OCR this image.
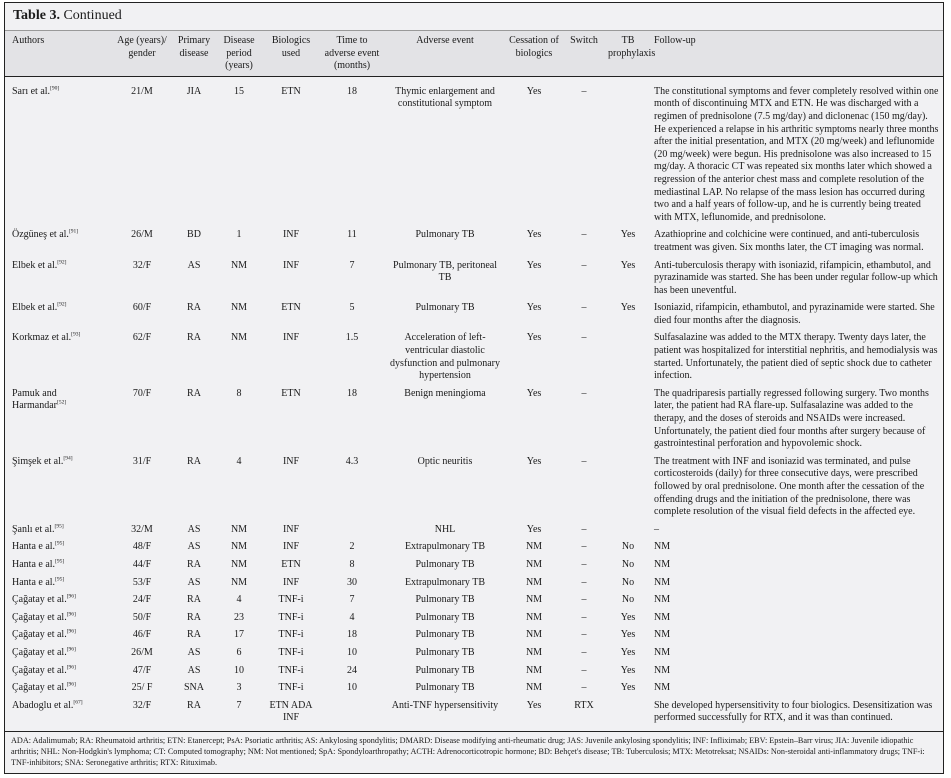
Table 3. Continued
Authors	Age (years)/ gender	Primary disease	Disease period (years)	Biologics used	Time to adverse event (months)	Adverse event	Cessation of biologics	Switch	TB prophylaxis	Follow-up
Sarı et al.[90]	21/M	JIA	15	ETN	18	Thymic enlargement and constitutional symptom	Yes	–		The constitutional symptoms and fever completely resolved within one month of discontinuing MTX and ETN. He was discharged with a regimen of prednisolone (7.5 mg/day) and diclonenac (150 mg/day). He experienced a relapse in his arthritic symptoms nearly three months after the initial presentation, and MTX (20 mg/week) and leflunomide (20 mg/week) were begun. His prednisolone was also increased to 15 mg/day. A thoracic CT was repeated six months later which showed a regression of the anterior chest mass and complete resolution of the mediastinal LAP. No relapse of the mass lesion has occurred during two and a half years of follow-up, and he is currently being treated with MTX, leflunomide, and prednisolone.
Özgüneş et al.[91]	26/M	BD	1	INF	11	Pulmonary TB	Yes	–	Yes	Azathioprine and colchicine were continued, and anti-tuberculosis treatment was given. Six months later, the CT imaging was normal.
Elbek et al.[92]	32/F	AS	NM	INF	7	Pulmonary TB, peritoneal TB	Yes	–	Yes	Anti-tuberculosis therapy with isoniazid, rifampicin, ethambutol, and pyrazinamide was started. She has been under regular follow-up which has been uneventful.
Elbek et al.[92]	60/F	RA	NM	ETN	5	Pulmonary TB	Yes	–	Yes	Isoniazid, rifampicin, ethambutol, and pyrazinamide were started. She died four months after the diagnosis.
Korkmaz et al.[93]	62/F	RA	NM	INF	1.5	Acceleration of left-ventricular diastolic dysfunction and pulmonary hypertension	Yes	–		Sulfasalazine was added to the MTX therapy. Twenty days later, the patient was hospitalized for interstitial nephritis, and hemodialysis was started. Unfortunately, the patient died of septic shock due to catheter infection.
Pamuk and Harmandar[52]	70/F	RA	8	ETN	18	Benign meningioma	Yes	–		The quadriparesis partially regressed following surgery. Two months later, the patient had RA flare-up. Sulfasalazine was added to the therapy, and the doses of steroids and NSAIDs were increased. Unfortunately, the patient died four months after surgery because of gastrointestinal perforation and hypovolemic shock.
Şimşek et al.[94]	31/F	RA	4	INF	4.3	Optic neuritis	Yes	–		The treatment with INF and isoniazid was terminated, and pulse corticosteroids (daily) for three consecutive days, were prescribed followed by oral prednisolone. One month after the cessation of the offending drugs and the initiation of the prednisolone, there was complete resolution of the visual field defects in the affected eye.
Şanlı et al.[95]	32/M	AS	NM	INF		NHL	Yes	–		–
Hanta e al.[95]	48/F	AS	NM	INF	2	Extrapulmonary TB	NM	–	No	NM
Hanta e al.[95]	44/F	RA	NM	ETN	8	Pulmonary TB	NM	–	No	NM
Hanta e al.[95]	53/F	AS	NM	INF	30	Extrapulmonary TB	NM	–	No	NM
Çağatay et al.[96]	24/F	RA	4	TNF-i	7	Pulmonary TB	NM	–	No	NM
Çağatay et al.[96]	50/F	RA	23	TNF-i	4	Pulmonary TB	NM	–	Yes	NM
Çağatay et al.[96]	46/F	RA	17	TNF-i	18	Pulmonary TB	NM	–	Yes	NM
Çağatay et al.[96]	26/M	AS	6	TNF-i	10	Pulmonary TB	NM	–	Yes	NM
Çağatay et al.[96]	47/F	AS	10	TNF-i	24	Pulmonary TB	NM	–	Yes	NM
Çağatay et al.[96]	25/ F	SNA	3	TNF-i	10	Pulmonary TB	NM	–	Yes	NM
Abadoglu et al.[67]	32/F	RA	7	ETN ADA INF		Anti-TNF hypersensitivity	Yes	RTX		She developed hypersensitivity to four biologics. Desensitization was performed successfully for RTX, and it was than continued.
ADA: Adalimumab; RA: Rheumatoid arthritis; ETN: Etanercept; PsA: Psoriatic arthritis; AS: Ankylosing spondylitis; DMARD: Disease modifying anti-rheumatic drug; JAS: Juvenile ankylosing spondylitis; INF: Infliximab; EBV: Epstein–Barr virus; JIA: Juvenile idiopathic arthritis; NHL: Non-Hodgkin's lymphoma; CT: Computed tomography; NM: Not mentioned; SpA: Spondyloarthropathy; ACTH: Adrenocorticotropic hormone; BD: Behçet's disease; TB: Tuberculosis; MTX: Metotreksat; NSAIDs: Non-steroidal anti-inflammatory drugs; TNF-i: TNF-inhibitors; SNA: Seronegative arthritis; RTX: Rituximab.
